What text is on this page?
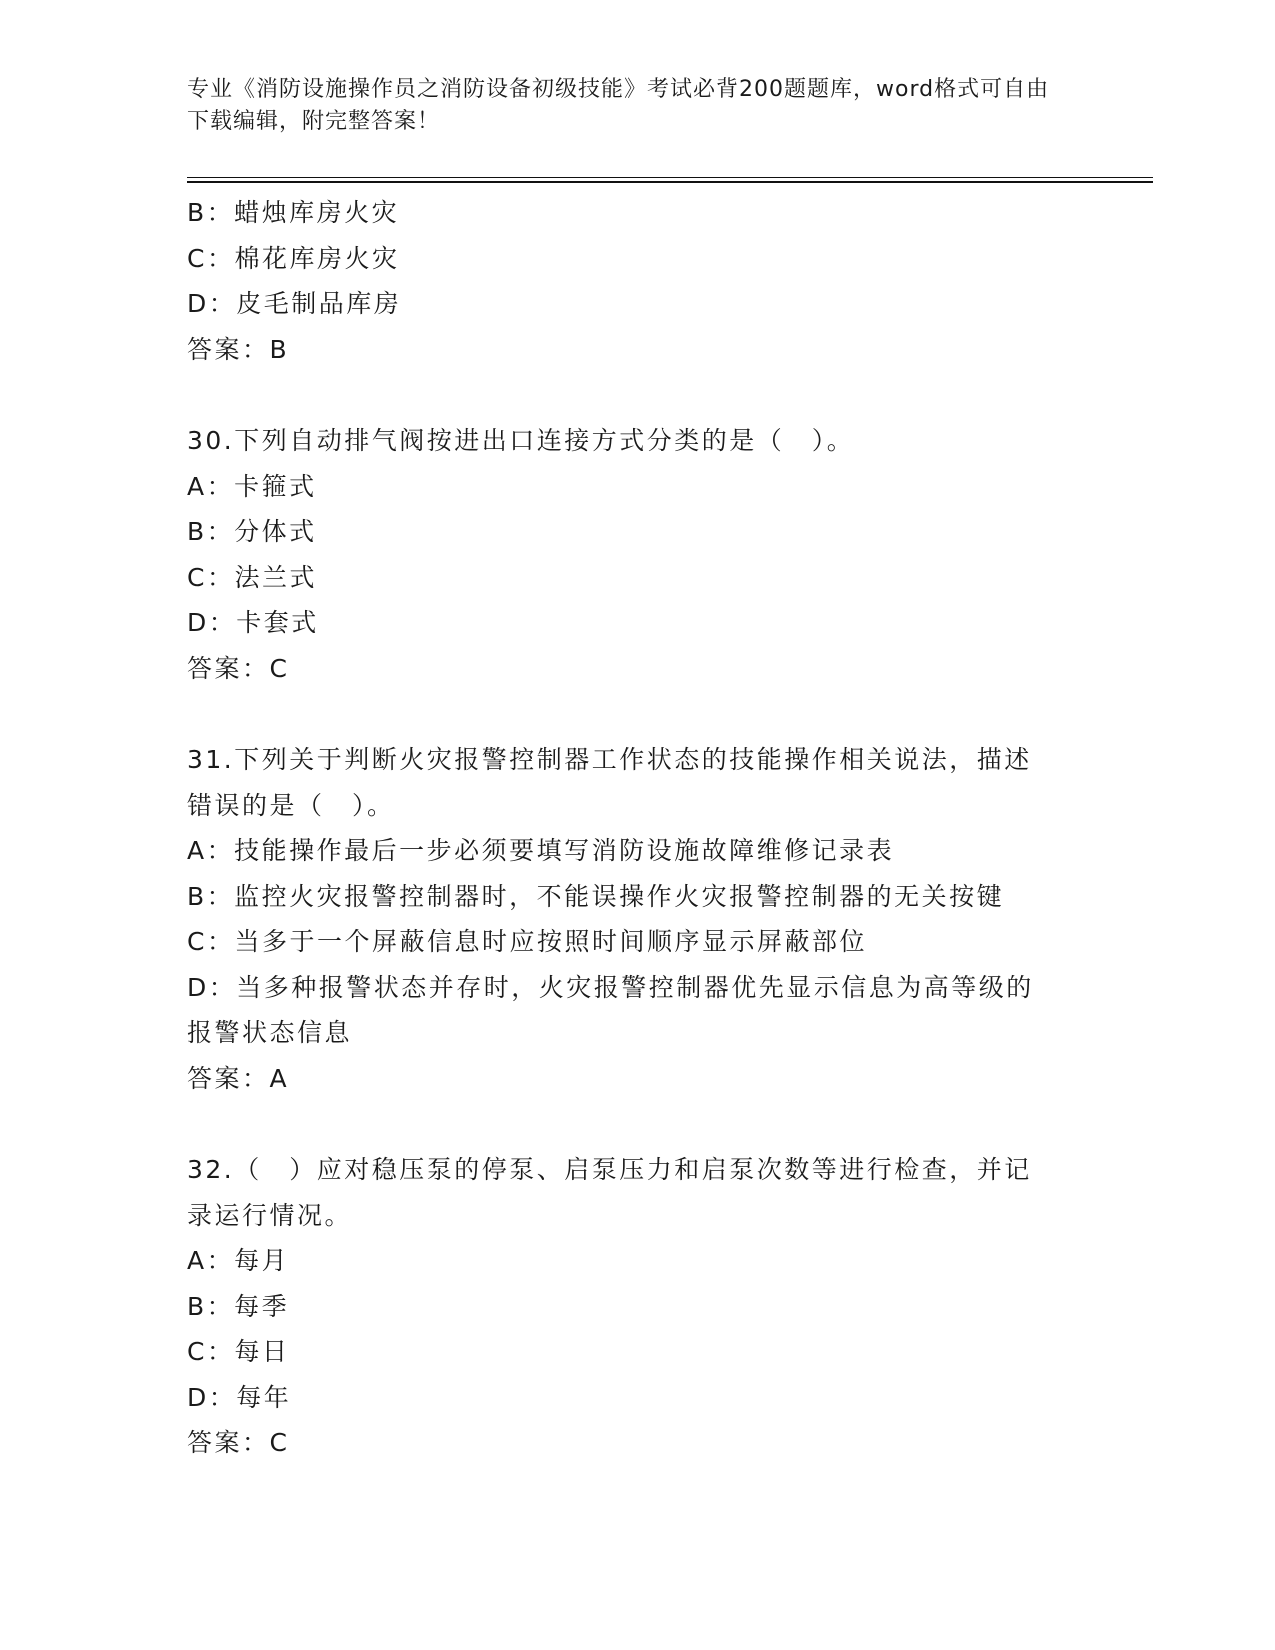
专业《消防设施操作员之消防设备初级技能》考试必背200题题库，word格式可自由下载编辑，附完整答案！
B：蜡烛库房火灾
C：棉花库房火灾
D：皮毛制品库房
答案：B
30.下列自动排气阀按进出口连接方式分类的是（　）。
A：卡箍式
B：分体式
C：法兰式
D：卡套式
答案：C
31.下列关于判断火灾报警控制器工作状态的技能操作相关说法，描述错误的是（　）。
A：技能操作最后一步必须要填写消防设施故障维修记录表
B：监控火灾报警控制器时，不能误操作火灾报警控制器的无关按键
C：当多于一个屏蔽信息时应按照时间顺序显示屏蔽部位
D：当多种报警状态并存时，火灾报警控制器优先显示信息为高等级的报警状态信息
答案：A
32.（　）应对稳压泵的停泵、启泵压力和启泵次数等进行检查，并记录运行情况。
A：每月
B：每季
C：每日
D：每年
答案：C
